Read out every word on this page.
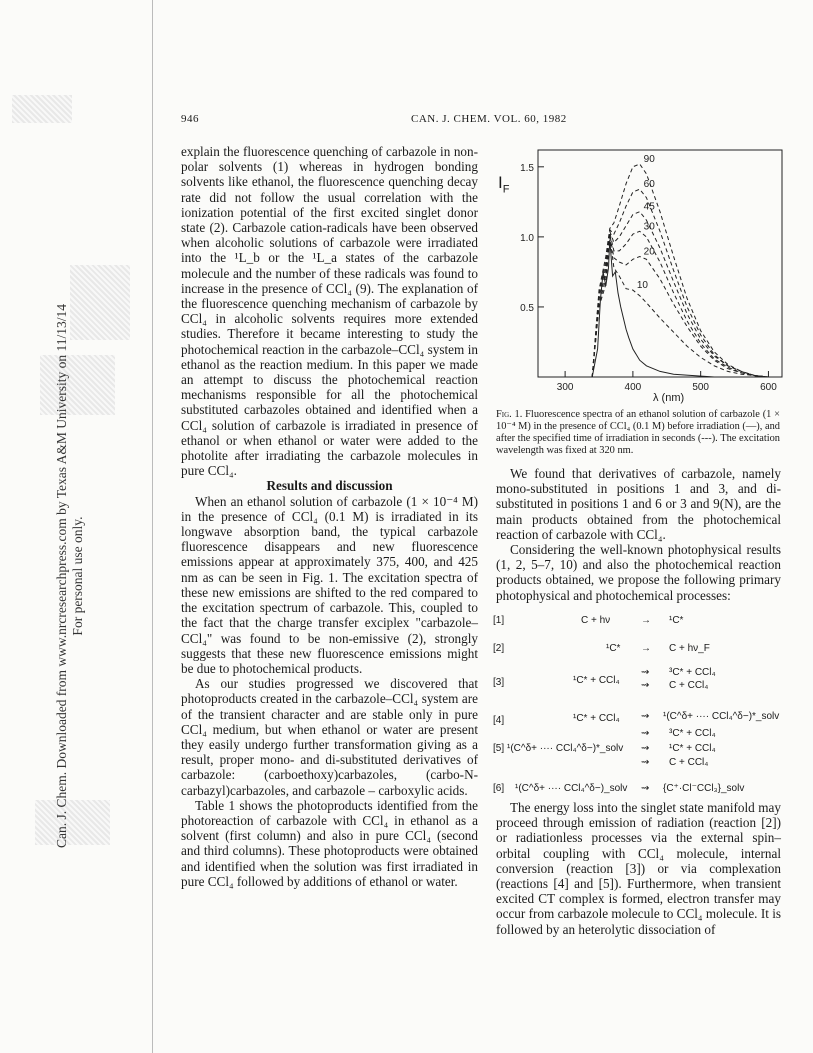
Can. J. Chem. Downloaded from www.nrcresearchpress.com by Texas A&M University on 11/13/14 For personal use only.
946	CAN. J. CHEM. VOL. 60, 1982

explain the fluorescence quenching of carbazole in non-polar solvents (1) whereas in hydrogen bonding solvents like ethanol, the fluorescence quenching decay rate did not follow the usual correlation with the ionization potential of the first excited singlet donor state (2). Carbazole cation-radicals have been observed when alcoholic solutions of carbazole were irradiated into the ¹L_b or the ¹L_a states of the carbazole molecule and the number of these radicals was found to increase in the presence of CCl₄ (9). The explanation of the fluorescence quenching mechanism of carbazole by CCl₄ in alcoholic solvents requires more extended studies. Therefore it became interesting to study the photochemical reaction in the carbazole–CCl₄ system in ethanol as the reaction medium. In this paper we made an attempt to discuss the photochemical reaction mechanisms responsible for all the photochemical substituted carbazoles obtained and identified when a CCl₄ solution of carbazole is irradiated in presence of ethanol or when ethanol or water were added to the photolite after irradiating the carbazole molecules in pure CCl₄.

Results and discussion

When an ethanol solution of carbazole (1 × 10⁻⁴ M) in the presence of CCl₄ (0.1 M) is irradiated in its longwave absorption band, the typical carbazole fluorescence disappears and new fluorescence emissions appear at approximately 375, 400, and 425 nm as can be seen in Fig. 1. The excitation spectra of these new emissions are shifted to the red compared to the excitation spectrum of carbazole. This, coupled to the fact that the charge transfer exciplex "carbazole–CCl₄" was found to be non-emissive (2), strongly suggests that these new fluorescence emissions might be due to photochemical products.

As our studies progressed we discovered that photoproducts created in the carbazole–CCl₄ system are of the transient character and are stable only in pure CCl₄ medium, but when ethanol or water are present they easily undergo further transformation giving as a result, proper mono- and di-substituted derivatives of carbazole: (carboethoxy)carbazoles, (carbo-N-carbazyl)carbazoles, and carbazole – carboxylic acids.

Table 1 shows the photoproducts identified from the photoreaction of carbazole with CCl₄ in ethanol as a solvent (first column) and also in pure CCl₄ (second and third columns). These photoproducts were obtained and identified when the solution was first irradiated in pure CCl₄ followed by additions of ethanol or water.

0.5
1.0
1.5
300	400	500	600
10
20
30
45
60
90
$I_F$
λ (nm)
Fig. 1. Fluorescence spectra of an ethanol solution of carbazole (1 × 10⁻⁴ M) in the presence of CCl₄ (0.1 M) before irradiation (—), and after the specified time of irradiation in seconds (---). The excitation wavelength was fixed at 320 nm.

We found that derivatives of carbazole, namely mono-substituted in positions 1 and 3, and di-substituted in positions 1 and 6 or 3 and 9(N), are the main products obtained from the photochemical reaction of carbazole with CCl₄.

Considering the well-known photophysical results (1, 2, 5–7, 10) and also the photochemical reaction products obtained, we propose the following primary photophysical and photochemical processes:

[1]	C + hν	→ ¹C*
[2]	¹C* → C + hν_F
[3]	¹C* + CCl₄
⇝ ³C* + CCl₄
⇝ C + CCl₄
[4]	¹C* + CCl₄ ⇝ ¹(C^δ+ ···· CCl₄^δ−)*_solv
⇝ ³C* + CCl₄
[5] ¹(C^δ+ ···· CCl₄^δ−)*_solv ⇝ ¹C* + CCl₄
⇝ C + CCl₄
[6] ¹(C^δ+ ···· CCl₄^δ−)_solv ⇝ {C⁺·Cl⁻CCl₃}_solv

The energy loss into the singlet state manifold may proceed through emission of radiation (reaction [2]) or radiationless processes via the external spin–orbital coupling with CCl₄ molecule, internal conversion (reaction [3]) or via complexation (reactions [4] and [5]). Furthermore, when transient excited CT complex is formed, electron transfer may occur from carbazole molecule to CCl₄ molecule. It is followed by an heterolytic dissociation of
